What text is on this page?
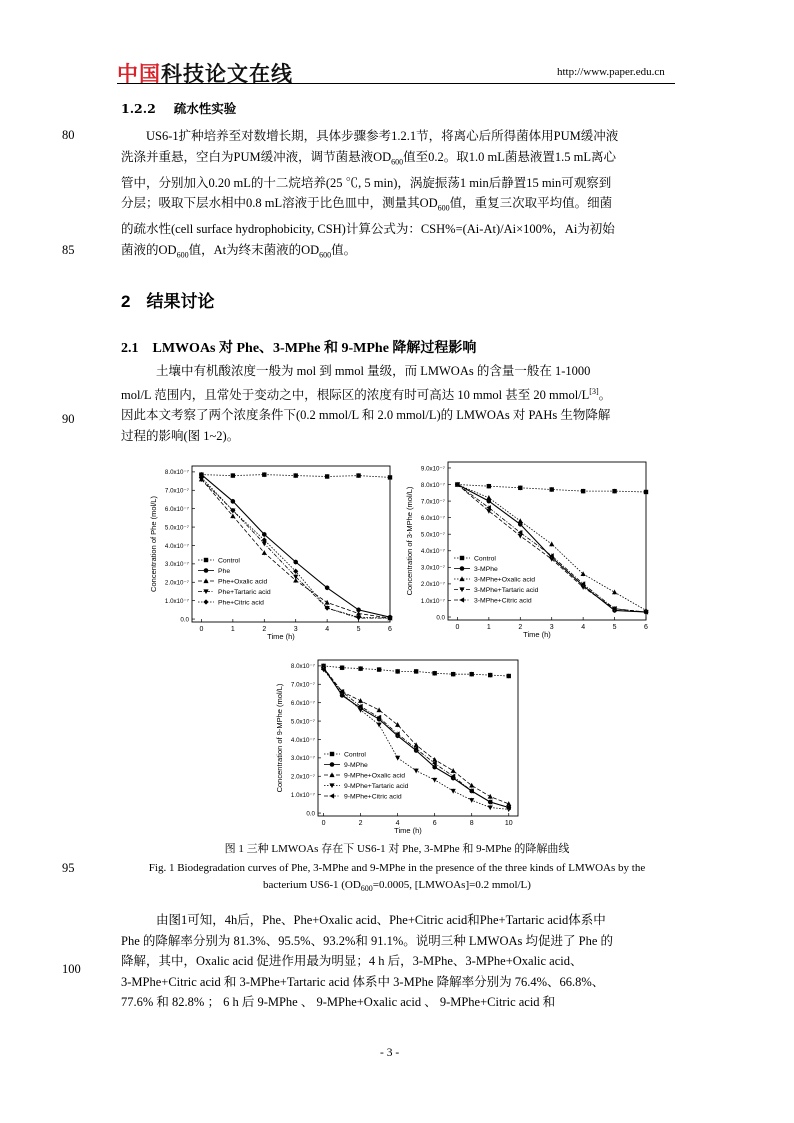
中国科技论文在线	http://www.paper.edu.cn
1.2.2 疏水性实验
80
85
90
95
100
US6-1扩种培养至对数增长期，具体步骤参考1.2.1节，将离心后所得菌体用PUM缓冲液
洗涤并重悬，空白为PUM缓冲液，调节菌悬液$OD_{600}$值至0.2。取1.0 mL菌悬液置1.5 mL离心
管中，分别加入0.20 mL的十二烷培养(25 ℃, 5 min)，涡旋振荡1 min后静置15 min可观察到
分层；吸取下层水相中0.8 mL溶液于比色皿中，测量其$OD_{600}$值，重复三次取平均值。细菌
的疏水性(cell surface hydrophobicity, CSH)计算公式为：CSH%=(Ai-At)/Ai×100%，Ai为初始
菌液的$OD_{600}$值，At为终末菌液的$OD_{600}$值。
2 结果讨论
2.1 LMWOAs 对 Phe、3-MPhe 和 9-MPhe 降解过程影响
土壤中有机酸浓度一般为 mol 到 mmol 量级，而 LMWOAs 的含量一般在 1-1000
mol/L 范围内，且常处于变动之中，根际区的浓度有时可高达 10 mmol 甚至 20 mmol/L[3]。
因此本文考察了两个浓度条件下(0.2 mmol/L 和 2.0 mmol/L)的 LMWOAs 对 PAHs 生物降解
过程的影响(图 1~2)。
0.0
1.0x10⁻⁷
2.0x10⁻⁷
3.0x10⁻⁷
4.0x10⁻⁷
5.0x10⁻⁷
6.0x10⁻⁷
7.0x10⁻⁷
8.0x10⁻⁷
0	1	2	3	4	5	6
Time (h)
Concentration of Phe (mol/L)	Control
Phe
Phe+Oxalic acid
Phe+Tartaric acid
Phe+Citric acid
0.0
1.0x10⁻⁷
2.0x10⁻⁷
3.0x10⁻⁷
4.0x10⁻⁷
5.0x10⁻⁷
6.0x10⁻⁷
7.0x10⁻⁷
8.0x10⁻⁷
9.0x10⁻⁷
0	1	2	3	4	5	6
Time (h)
Concentration of 3-MPhe (mol/L)	Control
3-MPhe
3-MPhe+Oxalic acid
3-MPhe+Tartaric acid
3-MPhe+Citric acid
0.0
1.0x10⁻⁷
2.0x10⁻⁷
3.0x10⁻⁷
4.0x10⁻⁷
5.0x10⁻⁷
6.0x10⁻⁷
7.0x10⁻⁷
8.0x10⁻⁷
0	2	4	6	8	10
Time (h)
Concentration of 9-MPhe (mol/L)	Control
9-MPhe
9-MPhe+Oxalic acid
9-MPhe+Tartaric acid
9-MPhe+Citric acid
图 1 三种 LMWOAs 存在下 US6-1 对 Phe, 3-MPhe 和 9-MPhe 的降解曲线
Fig. 1 Biodegradation curves of Phe, 3-MPhe and 9-MPhe in the presence of the three kinds of LMWOAs by the
bacterium US6-1 ($OD_{600}=0.0005$, [LMWOAs]=0.2 mmol/L)
由图1可知，4h后，Phe、Phe+Oxalic acid、Phe+Citric acid和Phe+Tartaric acid体系中
Phe 的降解率分别为 81.3%、95.5%、93.2%和 91.1%。说明三种 LMWOAs 均促进了 Phe 的
降解，其中，Oxalic acid 促进作用最为明显；4 h 后，3-MPhe、3-MPhe+Oxalic acid、
3-MPhe+Citric acid 和 3-MPhe+Tartaric acid 体系中 3-MPhe 降解率分别为 76.4%、66.8%、
77.6% 和 82.8% ； 6 h 后 9-MPhe 、 9-MPhe+Oxalic acid 、 9-MPhe+Citric acid 和
- 3 -
